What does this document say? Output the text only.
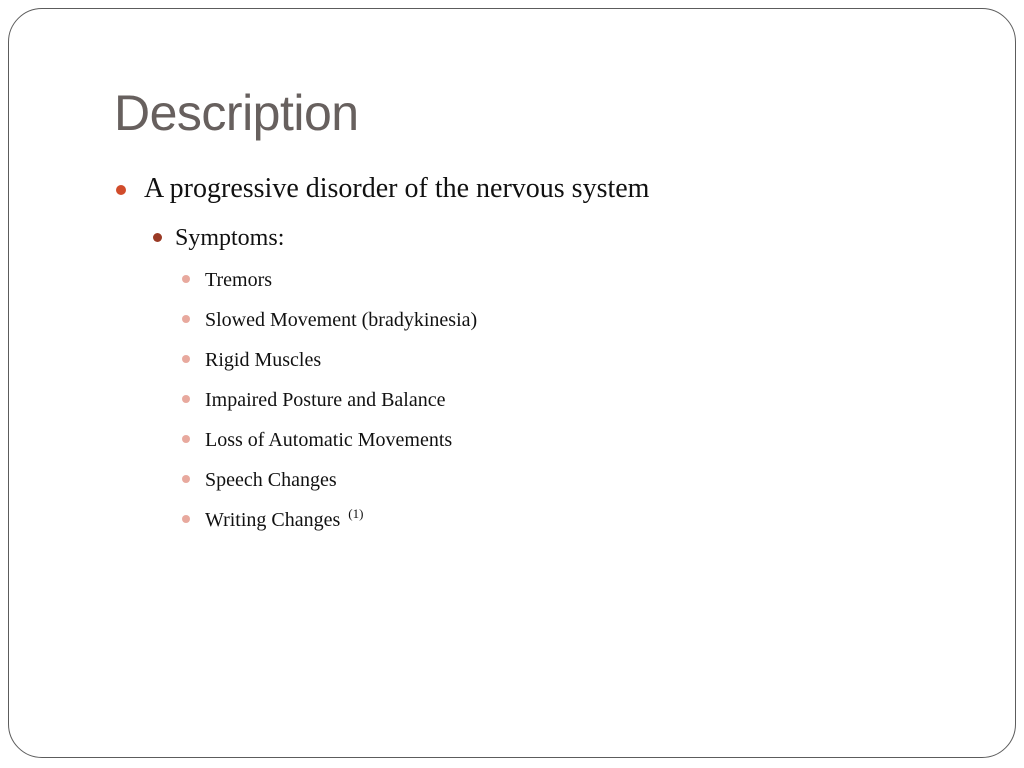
Description
A progressive disorder of the nervous system
Symptoms:
Tremors
Slowed Movement (bradykinesia)
Rigid Muscles
Impaired Posture and Balance
Loss of Automatic Movements
Speech Changes
Writing Changes $^{(1)}$
